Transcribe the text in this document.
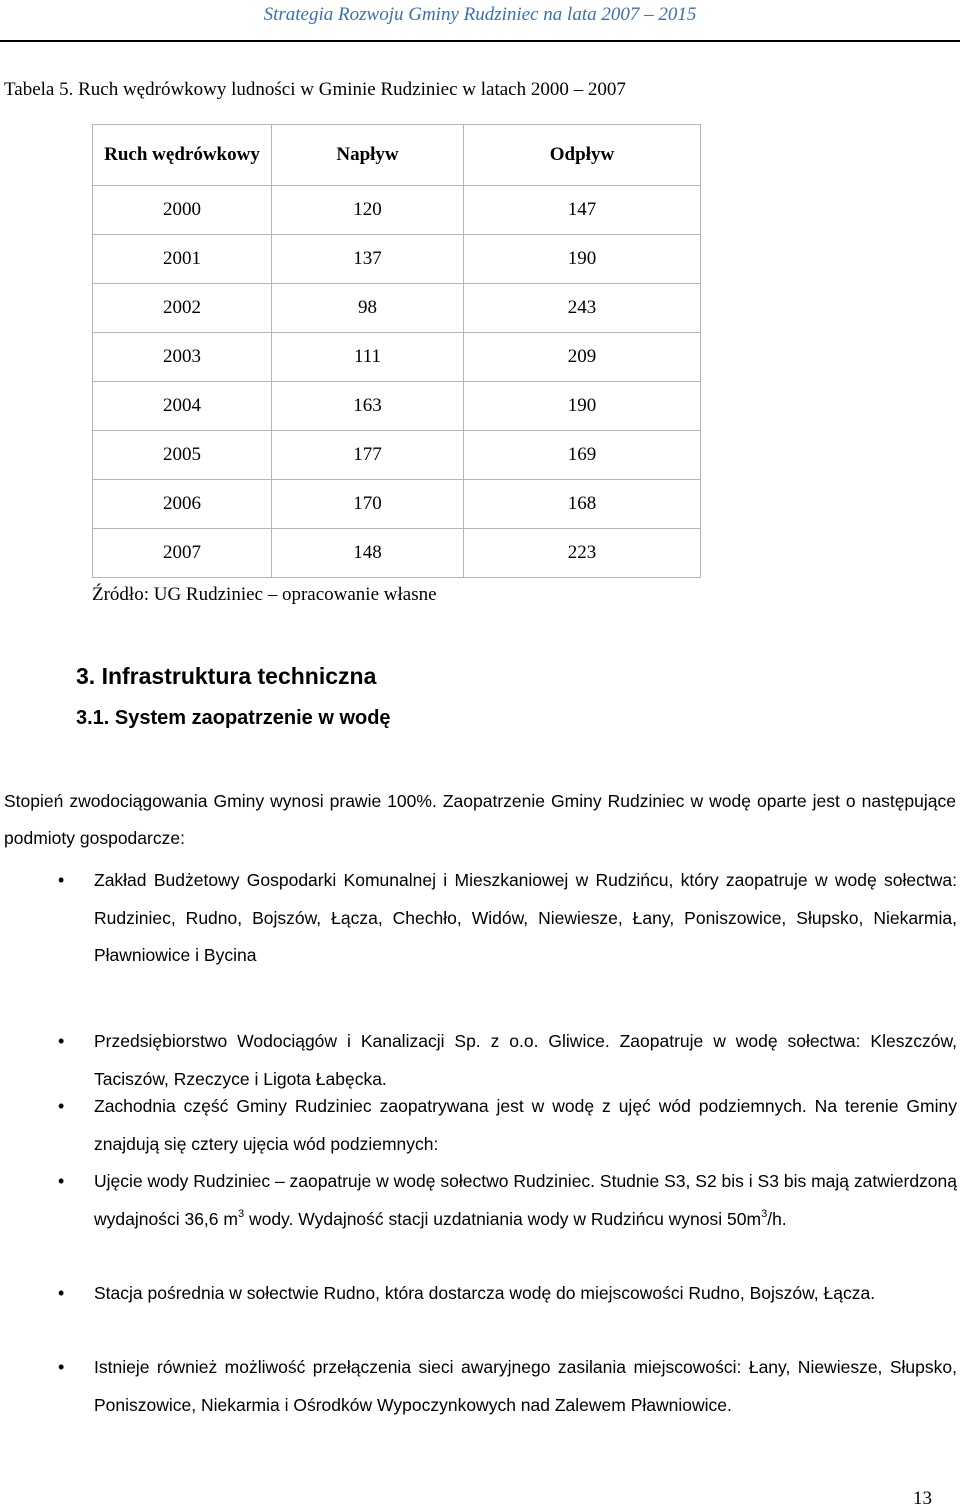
Strategia Rozwoju Gminy Rudziniec na lata 2007 – 2015
Tabela 5. Ruch wędrówkowy ludności w Gminie Rudziniec w latach 2000 – 2007
Ruch wędrówkowy	Napływ	Odpływ
2000	120	147
2001	137	190
2002	98	243
2003	111	209
2004	163	190
2005	177	169
2006	170	168
2007	148	223
Źródło: UG Rudziniec – opracowanie własne
3. Infrastruktura techniczna
3.1. System zaopatrzenie w wodę
Stopień zwodociągowania Gminy wynosi prawie 100%. Zaopatrzenie Gminy Rudziniec w wodę oparte jest o następujące podmioty gospodarcze:
• Zakład Budżetowy Gospodarki Komunalnej i Mieszkaniowej w Rudzińcu, który zaopatruje w wodę sołectwa: Rudziniec, Rudno, Bojszów, Łącza, Chechło, Widów, Niewiesze, Łany, Poniszowice, Słupsko, Niekarmia, Pławniowice i Bycina
• Przedsiębiorstwo Wodociągów i Kanalizacji Sp. z o.o. Gliwice. Zaopatruje w wodę sołectwa: Kleszczów, Taciszów, Rzeczyce i Ligota Łabęcka.
• Zachodnia część Gminy Rudziniec zaopatrywana jest w wodę z ujęć wód podziemnych. Na terenie Gminy znajdują się cztery ujęcia wód podziemnych:
• Ujęcie wody Rudziniec – zaopatruje w wodę sołectwo Rudziniec. Studnie S3, S2 bis i S3 bis mają zatwierdzoną wydajności 36,6 $m^3$ wody. Wydajność stacji uzdatniania wody w Rudzińcu wynosi $50m^3/h$.
• Stacja pośrednia w sołectwie Rudno, która dostarcza wodę do miejscowości Rudno, Bojszów, Łącza.
• Istnieje również możliwość przełączenia sieci awaryjnego zasilania miejscowości: Łany, Niewiesze, Słupsko, Poniszowice, Niekarmia i Ośrodków Wypoczynkowych nad Zalewem Pławniowice.
13
